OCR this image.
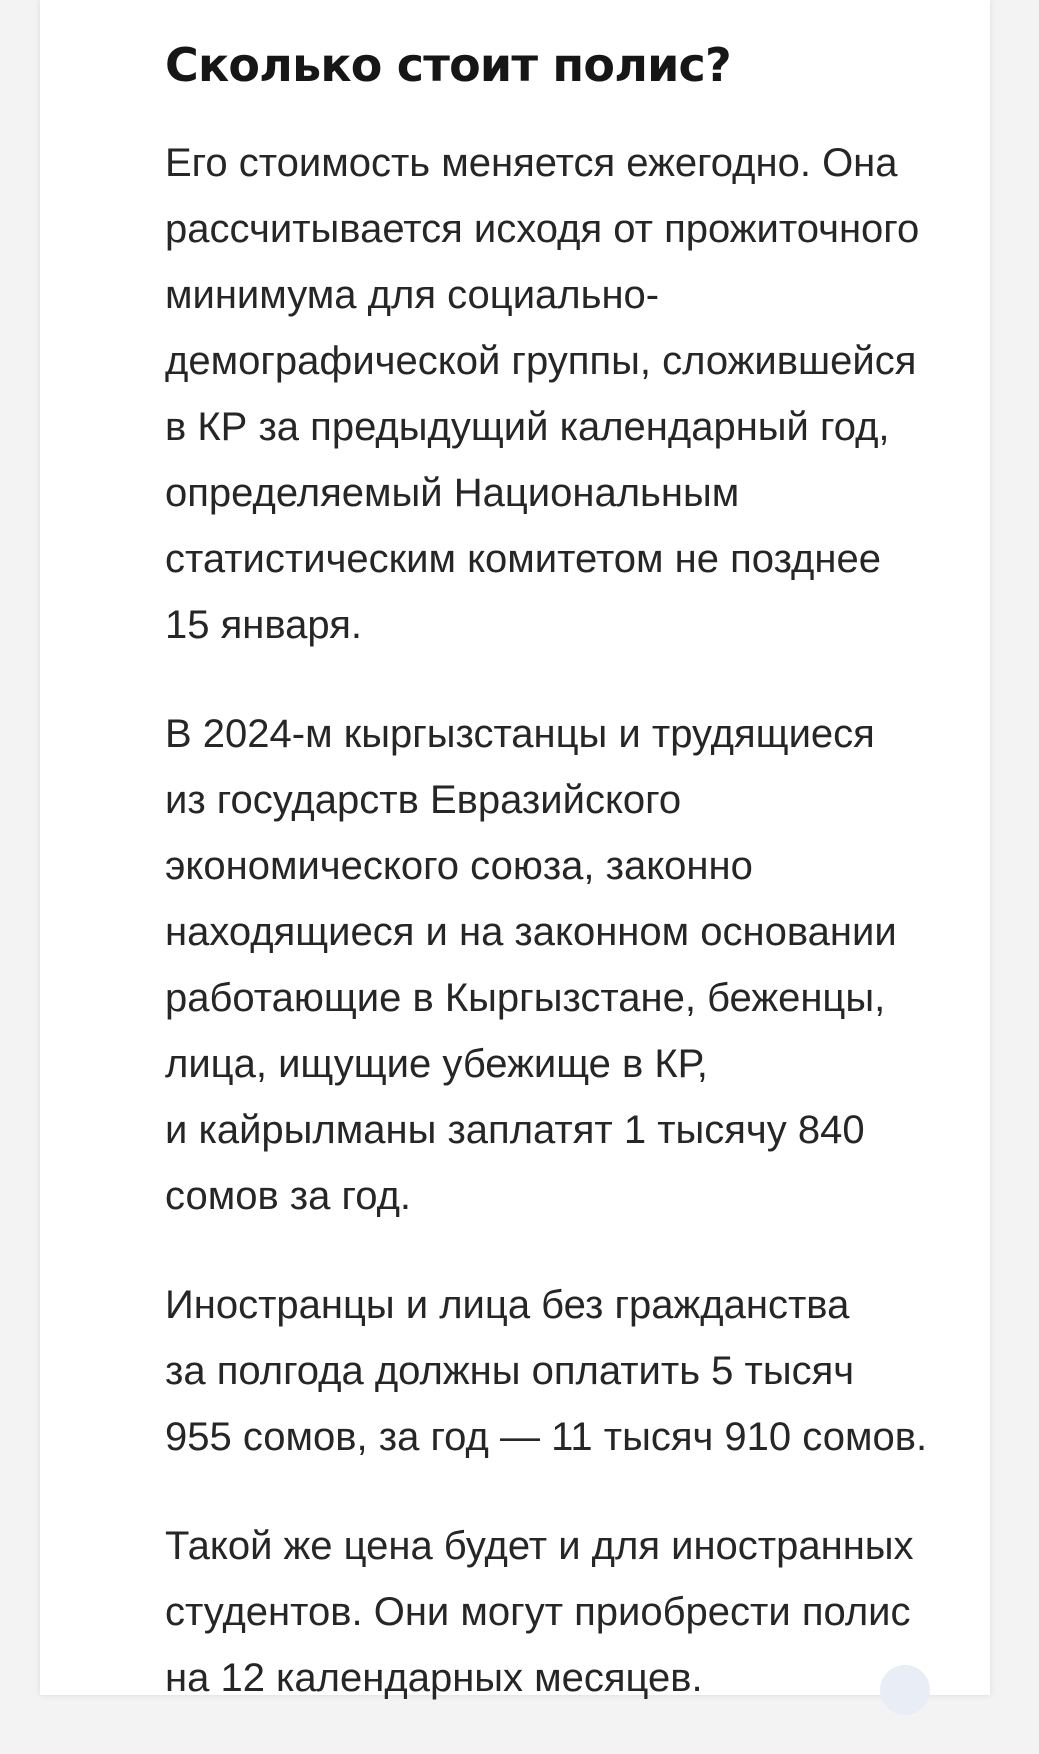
Сколько стоит полис?

Его стоимость меняется ежегодно. Она
рассчитывается исходя от прожиточного
минимума для социально-
демографической группы, сложившейся
в КР за предыдущий календарный год,
определяемый Национальным
статистическим комитетом не позднее
15 января.

В 2024-м кыргызстанцы и трудящиеся
из государств Евразийского
экономического союза, законно
находящиеся и на законном основании
работающие в Кыргызстане, беженцы,
лица, ищущие убежище в КР,
и кайрылманы заплатят 1 тысячу 840
сомов за год.

Иностранцы и лица без гражданства
за полгода должны оплатить 5 тысяч
955 сомов, за год — 11 тысяч 910 сомов.

Такой же цена будет и для иностранных
студентов. Они могут приобрести полис
на 12 календарных месяцев.
